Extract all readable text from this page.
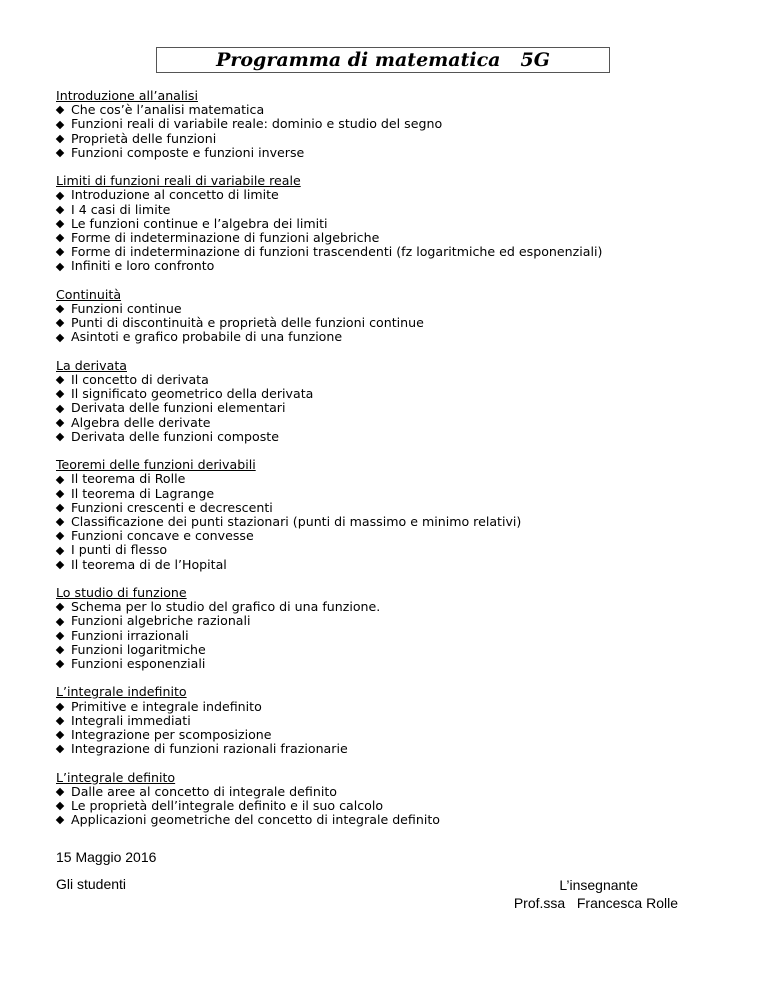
Programma di matematica 5G
Introduzione all’analisi
Che cos’è l’analisi matematica
Funzioni reali di variabile reale: dominio e studio del segno
Proprietà delle funzioni
Funzioni composte e funzioni inverse
Limiti di funzioni reali di variabile reale
Introduzione al concetto di limite
I 4 casi di limite
Le funzioni continue e l’algebra dei limiti
Forme di indeterminazione di funzioni algebriche
Forme di indeterminazione di funzioni trascendenti (fz logaritmiche ed esponenziali)
Infiniti e loro confronto
Continuità
Funzioni continue
Punti di discontinuità e proprietà delle funzioni continue
Asintoti e grafico probabile di una funzione
La derivata
Il concetto di derivata
Il significato geometrico della derivata
Derivata delle funzioni elementari
Algebra delle derivate
Derivata delle funzioni composte
Teoremi delle funzioni derivabili
Il teorema di Rolle
Il teorema di Lagrange
Funzioni crescenti e decrescenti
Classificazione dei punti stazionari (punti di massimo e minimo relativi)
Funzioni concave e convesse
I punti di flesso
Il teorema di de l’Hopital
Lo studio di funzione
Schema per lo studio del grafico di una funzione.
Funzioni algebriche razionali
Funzioni irrazionali
Funzioni logaritmiche
Funzioni esponenziali
L’integrale indefinito
Primitive e integrale indefinito
Integrali immediati
Integrazione per scomposizione
Integrazione di funzioni razionali frazionarie
L’integrale definito
Dalle aree al concetto di integrale definito
Le proprietà dell’integrale definito e il suo calcolo
Applicazioni geometriche del concetto di integrale definito
15 Maggio 2016
Gli studenti	L’insegnante
Prof.ssa   Francesca Rolle
